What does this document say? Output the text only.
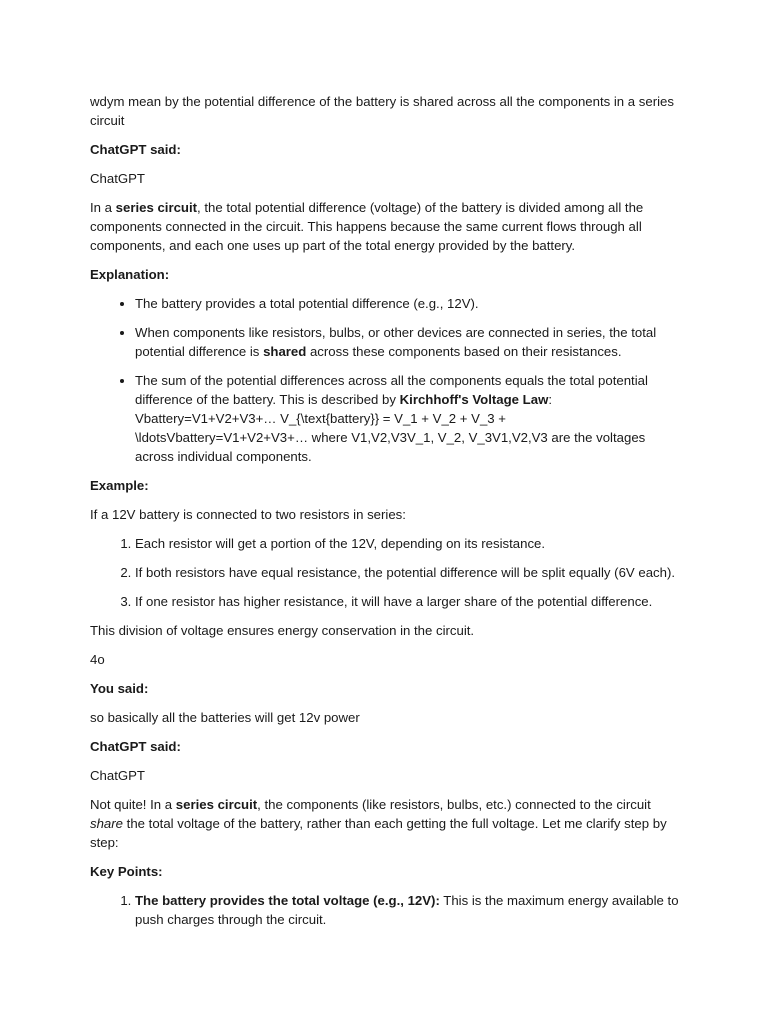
wdym mean by the potential difference of the battery is shared across all the components in a series circuit

ChatGPT said:

ChatGPT

In a series circuit, the total potential difference (voltage) of the battery is divided among all the components connected in the circuit. This happens because the same current flows through all components, and each one uses up part of the total energy provided by the battery.

Explanation:

• The battery provides a total potential difference (e.g., 12V).
• When components like resistors, bulbs, or other devices are connected in series, the total potential difference is shared across these components based on their resistances.
• The sum of the potential differences across all the components equals the total potential difference of the battery. This is described by Kirchhoff's Voltage Law: Vbattery=V1+V2+V3+… V_{\text{battery}} = V_1 + V_2 + V_3 + \ldotsVbattery=V1+V2+V3+… where V1,V2,V3V_1, V_2, V_3V1,V2,V3 are the voltages across individual components.

Example:

If a 12V battery is connected to two resistors in series:

1. Each resistor will get a portion of the 12V, depending on its resistance.
2. If both resistors have equal resistance, the potential difference will be split equally (6V each).
3. If one resistor has higher resistance, it will have a larger share of the potential difference.

This division of voltage ensures energy conservation in the circuit.

4o

You said:

so basically all the batteries will get 12v power

ChatGPT said:

ChatGPT

Not quite! In a series circuit, the components (like resistors, bulbs, etc.) connected to the circuit share the total voltage of the battery, rather than each getting the full voltage. Let me clarify step by step:

Key Points:

1. The battery provides the total voltage (e.g., 12V): This is the maximum energy available to push charges through the circuit.
